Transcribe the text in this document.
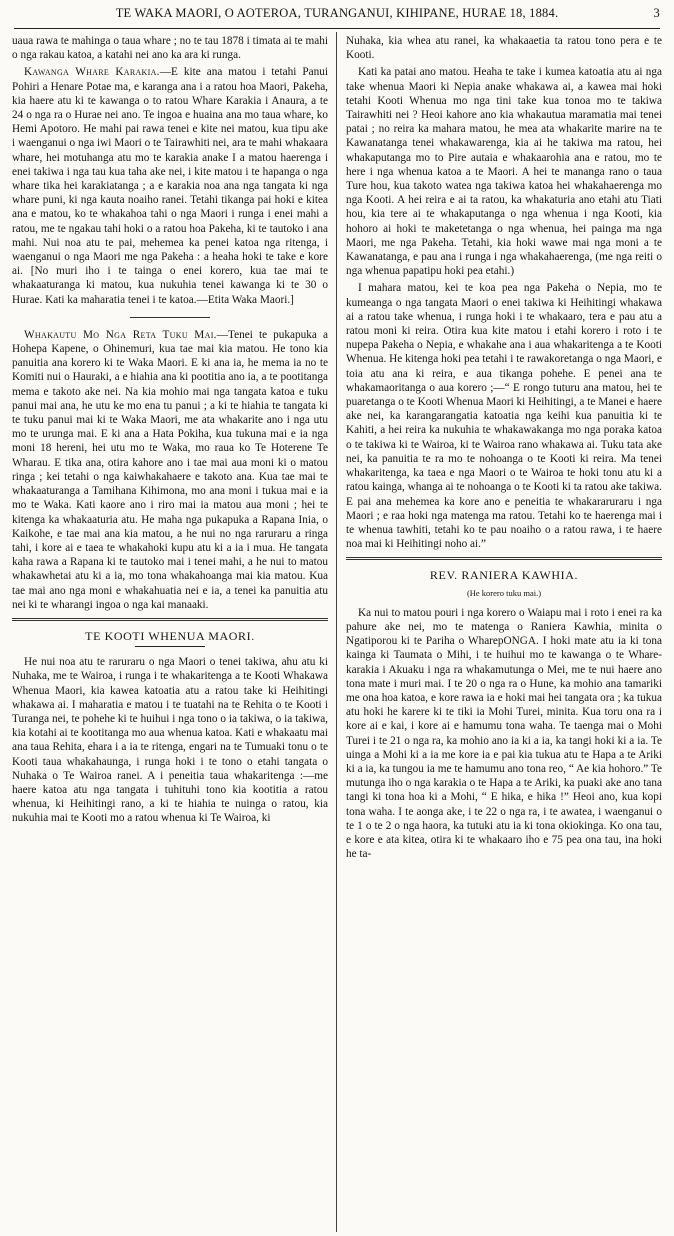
TE WAKA MAORI, O AOTEROA, TURANGANUI, KIHIPANE, HURAE 18, 1884.	3

uaua rawa te mahinga o taua whare ; no te tau 1878 i timata ai te mahi o nga rakau katoa, a katahi nei ano ka ara ki runga.

Kawanga Whare Karakia.—E kite ana matou i tetahi Panui Pohiri a Henare Potae ma, e karanga ana i a ratou hoa Maori, Pakeha, kia haere atu ki te kawanga o to ratou Whare Karakia i Anaura, a te 24 o nga ra o Hurae nei ano. Te ingoa e huaina ana mo taua whare, ko Hemi Apotoro. He mahi pai rawa tenei e kite nei matou, kua tipu ake i waenganui o nga iwi Maori o te Tairawhiti nei, ara te mahi whakaara whare, hei motuhanga atu mo te karakia anake I a matou haerenga i enei takiwa i nga tau kua taha ake nei, i kite matou i te hapanga o nga whare tika hei karakiatanga ; a e karakia noa ana nga tangata ki nga whare puni, ki nga kauta noaiho ranei. Tetahi tikanga pai hoki e kitea ana e matou, ko te whakahoa tahi o nga Maori i runga i enei mahi a ratou, me te ngakau tahi hoki o a ratou hoa Pakeha, ki te tautoko i ana mahi. Nui noa atu te pai, mehemea ka penei katoa nga ritenga, i waenganui o nga Maori me nga Pakeha : a heaha hoki te take e kore ai. [No muri iho i te tainga o enei korero, kua tae mai te whakaaturanga ki matou, kua nukuhia tenei kawanga ki te 30 o Hurae. Kati ka maharatia tenei i te katoa.—Etita Waka Maori.]

Whakautu Mo Nga Reta Tuku Mai.—Tenei te pukapuka a Hohepa Kapene, o Ohinemuri, kua tae mai kia matou. He tono kia panuitia ana korero ki te Waka Maori. E ki ana ia, he mema ia no te Komiti nui o Hauraki, a e hiahia ana ki pootitia ano ia, a te pootitanga mema e takoto ake nei. Na kia mohio mai nga tangata katoa e tuku panui mai ana, he utu ke mo ena tu panui ; a ki te hiahia te tangata ki te tuku panui mai ki te Waka Maori, me ata whakarite ano i nga utu mo te urunga mai. E ki ana a Hata Pokiha, kua tukuna mai e ia nga moni 18 hereni, hei utu mo te Waka, mo raua ko Te Hoterene Te Wharau. E tika ana, otira kahore ano i tae mai aua moni ki o matou ringa ; kei tetahi o nga kaiwhakahaere e takoto ana. Kua tae mai te whakaaturanga a Tamihana Kihimona, mo ana moni i tukua mai e ia mo te Waka. Kati kaore ano i riro mai ia matou aua moni ; hei te kitenga ka whakaaturia atu. He maha nga pukapuka a Rapana Inia, o Kaikohe, e tae mai ana kia matou, a he nui no nga raruraru a ringa tahi, i kore ai e taea te whakahoki kupu atu ki a ia i mua. He tangata kaha rawa a Rapana ki te tautoko mai i tenei mahi, a he nui to matou whakawhetai atu ki a ia, mo tona whakahoanga mai kia matou. Kua tae mai ano nga moni e whakahuatia nei e ia, a tenei ka panuitia atu nei ki te wharangi ingoa o nga kai manaaki.

TE KOOTI WHENUA MAORI.

He nui noa atu te raruraru o nga Maori o tenei takiwa, ahu atu ki Nuhaka, me te Wairoa, i runga i te whakaritenga a te Kooti Whakawa Whenua Maori, kia kawea katoatia atu a ratou take ki Heihitingi whakawa ai. I maharatia e matou i te tuatahi na te Rehita o te Kooti i Turanga nei, te pohehe ki te huihui i nga tono o ia takiwa, o ia takiwa, kia kotahi ai te kootitanga mo aua whenua katoa. Kati e whakaatu mai ana taua Rehita, ehara i a ia te ritenga, engari na te Tumuaki tonu o te Kooti taua whakahaunga, i runga hoki i te tono o etahi tangata o Nuhaka o Te Wairoa ranei. A i peneitia taua whakaritenga :—me haere katoa atu nga tangata i tuhituhi tono kia kootitia a ratou whenua, ki Heihitingi rano, a ki te hiahia te nuinga o ratou, kia nukuhia mai te Kooti mo a ratou whenua ki Te Wairoa, ki

Nuhaka, kia whea atu ranei, ka whakaaetia ta ratou tono pera e te Kooti.

Kati ka patai ano matou. Heaha te take i kumea katoatia atu ai nga take whenua Maori ki Nepia anake whakawa ai, a kawea mai hoki tetahi Kooti Whenua mo nga tini take kua tonoa mo te takiwa Tairawhiti nei ? Heoi kahore ano kia whakautua maramatia mai tenei patai ; no reira ka mahara matou, he mea ata whakarite marire na te Kawanatanga tenei whakawarenga, kia ai he takiwa ma ratou, hei whakaputanga mo to Pire autaia e whakaarohia ana e ratou, mo te here i nga whenua katoa a te Maori. A hei te mananga rano o taua Ture hou, kua takoto watea nga takiwa katoa hei whakahaerenga mo nga Kooti. A hei reira e ai ta ratou, ka whakaturia ano etahi atu Tiati hou, kia tere ai te whakaputanga o nga whenua i nga Kooti, kia hohoro ai hoki te maketetanga o nga whenua, hei painga ma nga Maori, me nga Pakeha. Tetahi, kia hoki wawe mai nga moni a te Kawanatanga, e pau ana i runga i nga whakahaerenga, (me nga reiti o nga whenua papatipu hoki pea etahi.)

I mahara matou, kei te koa pea nga Pakeha o Nepia, mo te kumeanga o nga tangata Maori o enei takiwa ki Heihitingi whakawa ai a ratou take whenua, i runga hoki i te whakaaro, tera e pau atu a ratou moni ki reira. Otira kua kite matou i etahi korero i roto i te nupepa Pakeha o Nepia, e whakahe ana i aua whakaritenga a te Kooti Whenua. He kitenga hoki pea tetahi i te rawakoretanga o nga Maori, e toia atu ana ki reira, e aua tikanga pohehe. E penei ana te whakamaoritanga o aua korero ;—“ E rongo tuturu ana matou, hei te puaretanga o te Kooti Whenua Maori ki Heihitingi, a te Manei e haere ake nei, ka karangarangatia katoatia nga keihi kua panuitia ki te Kahiti, a hei reira ka nukuhia te whakawakanga mo nga poraka katoa o te takiwa ki te Wairoa, ki te Wairoa rano whakawa ai. Tuku tata ake nei, ka panuitia te ra mo te nohoanga o te Kooti ki reira. Ma tenei whakaritenga, ka taea e nga Maori o te Wairoa te hoki tonu atu ki a ratou kainga, whanga ai te nohoanga o te Kooti ki ta ratou ake takiwa. E pai ana mehemea ka kore ano e peneitia te whakararuraru i nga Maori ; e raa hoki nga matenga ma ratou. Tetahi ko te haerenga mai i te whenua tawhiti, tetahi ko te pau noaiho o a ratou rawa, i te haere noa mai ki Heihitingi noho ai.”

REV. RANIERA KAWHIA.
(He korero tuku mai.)

Ka nui to matou pouri i nga korero o Waiapu mai i roto i enei ra ka pahure ake nei, mo te matenga o Raniera Kawhia, minita o Ngatiporou ki te Pariha o WharepONGA. I hoki mate atu ia ki tona kainga ki Taumata o Mihi, i te huihui mo te kawanga o te Whare-karakia i Akuaku i nga ra whakamutunga o Mei, me te nui haere ano tona mate i muri mai. I te 20 o nga ra o Hune, ka mohio ana tamariki me ona hoa katoa, e kore rawa ia e hoki mai hei tangata ora ; ka tukua atu hoki he karere ki te tiki ia Mohi Turei, minita. Kua toru ona ra i kore ai e kai, i kore ai e hamumu tona waha. Te taenga mai o Mohi Turei i te 21 o nga ra, ka mohio ano ia ki a ia, ka tangi hoki ki a ia. Te uinga a Mohi ki a ia me kore ia e pai kia tukua atu te Hapa a te Ariki ki a ia, ka tungou ia me te hamumu ano tona reo, “ Ae kia hohoro.” Te mutunga iho o nga karakia o te Hapa a te Ariki, ka puaki ake ano tana tangi ki tona hoa ki a Mohi, “ E hika, e hika !” Heoi ano, kua kopi tona waha. I te aonga ake, i te 22 o nga ra, i te awatea, i waenganui o te 1 o te 2 o nga haora, ka tutuki atu ia ki tona okiokinga. Ko ona tau, e kore e ata kitea, otira ki te whakaaro iho e 75 pea ona tau, ina hoki he ta-
